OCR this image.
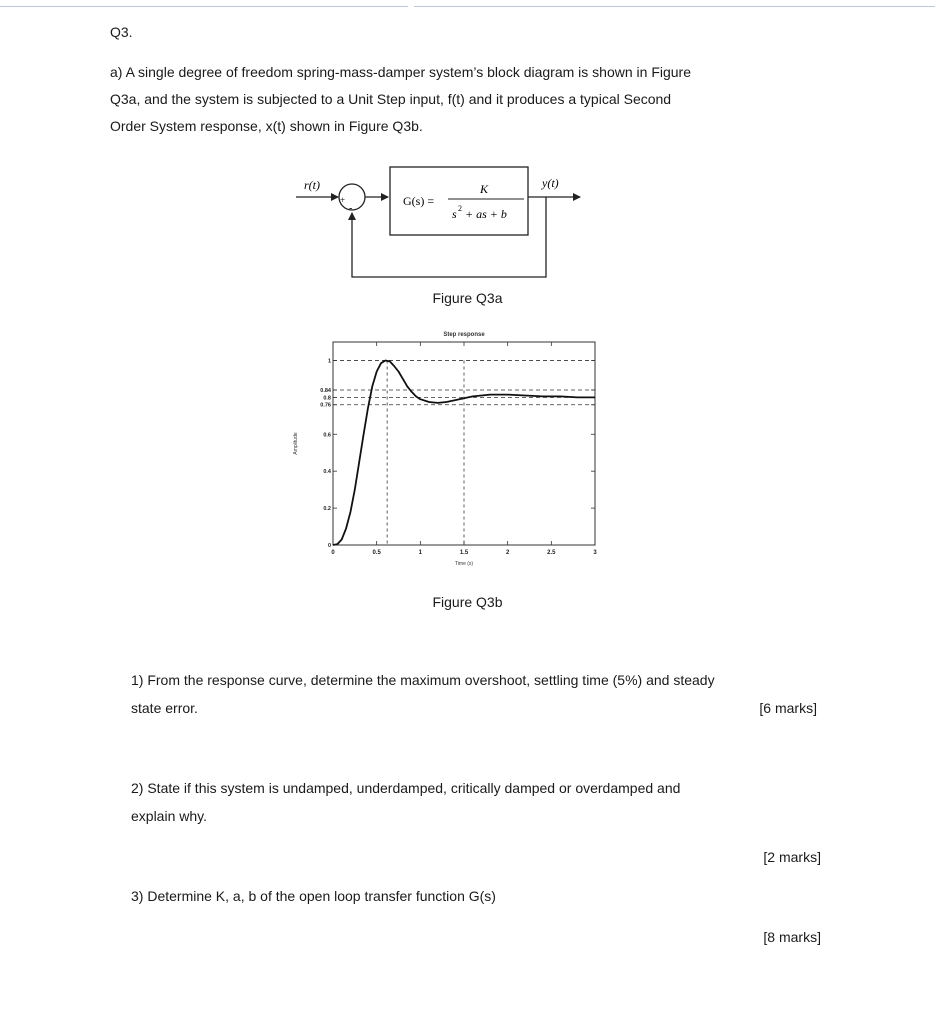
Q3.
a) A single degree of freedom spring-mass-damper system’s block diagram is shown in Figure
Q3a, and the system is subjected to a Unit Step input, f(t) and it produces a typical Second
Order System response, x(t) shown in Figure Q3b.
r(t)
+
-
G(s) =
K
s 2 + as + b
y(t)
Figure Q3a
Step response
Time (s)
Amplitude
0	0.5	1	1.5	2	2.5	3
0
0.2
0.4
0.6
0.76
0.8
0.84
1
Figure Q3b
1) From the response curve, determine the maximum overshoot, settling time (5%) and steady
state error.	[6 marks]
2) State if this system is undamped, underdamped, critically damped or overdamped and
explain why.
[2 marks]
3) Determine K, a, b of the open loop transfer function G(s)
[8 marks]
